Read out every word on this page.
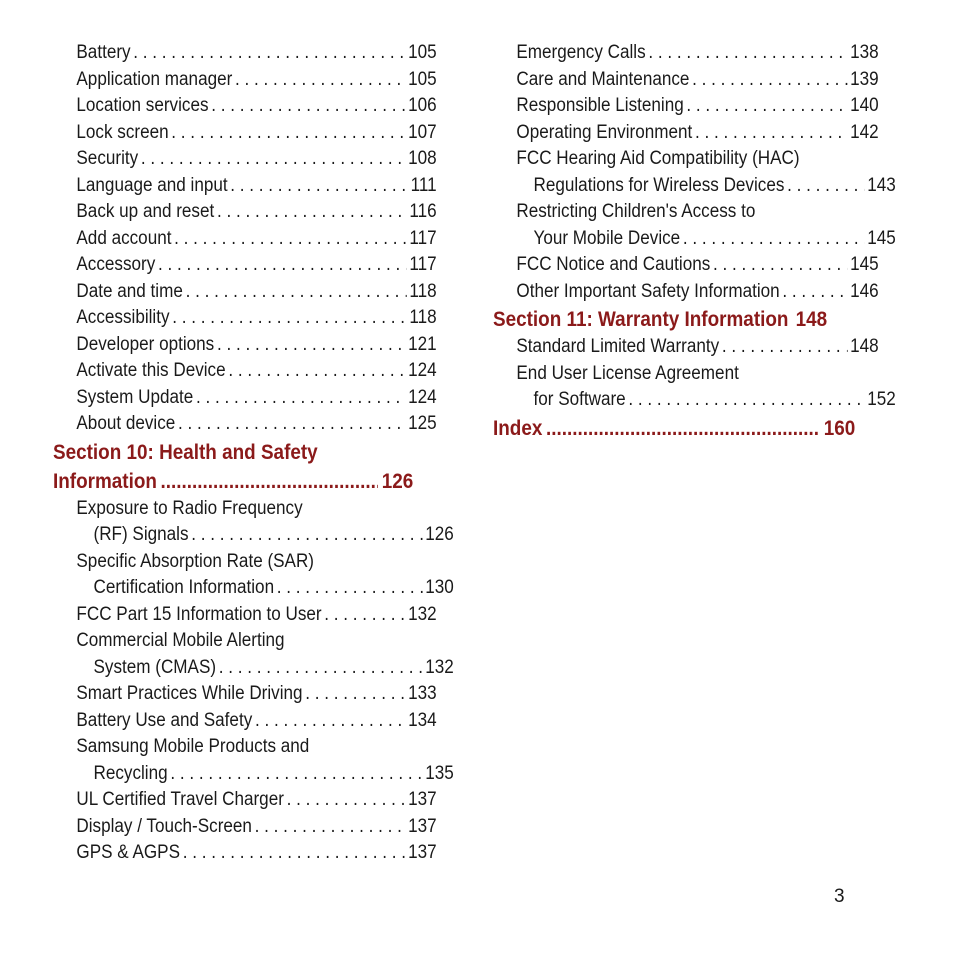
Battery . . .	105
Application manager . . .	105
Location services . . .	106
Lock screen . . .	107
Security . . .	108
Language and input . . .	111
Back up and reset . . .	116
Add account . . .	117
Accessory . . .	117
Date and time . . .	118
Accessibility . . .	118
Developer options . . .	121
Activate this Device . . .	124
System Update . . .	124
About device . . .	125
Section 10: Health and Safety
Information .....	126
Exposure to Radio Frequency
(RF) Signals . . .	126
Specific Absorption Rate (SAR)
Certification Information . . .	130
FCC Part 15 Information to User . . .	132
Commercial Mobile Alerting
System (CMAS) . . .	132
Smart Practices While Driving . . .	133
Battery Use and Safety . . .	134
Samsung Mobile Products and
Recycling . . .	135
UL Certified Travel Charger . . .	137
Display / Touch-Screen . . .	137
GPS & AGPS . . .	137
Emergency Calls . . .	138
Care and Maintenance . . .	139
Responsible Listening . . .	140
Operating Environment . . .	142
FCC Hearing Aid Compatibility (HAC)
Regulations for Wireless Devices . . .	143
Restricting Children's Access to
Your Mobile Device . . .	145
FCC Notice and Cautions . . .	145
Other Important Safety Information . . .	146
Section 11: Warranty Information 148
Standard Limited Warranty . . .	148
End User License Agreement
for Software . . .	152
Index .....	160
3
